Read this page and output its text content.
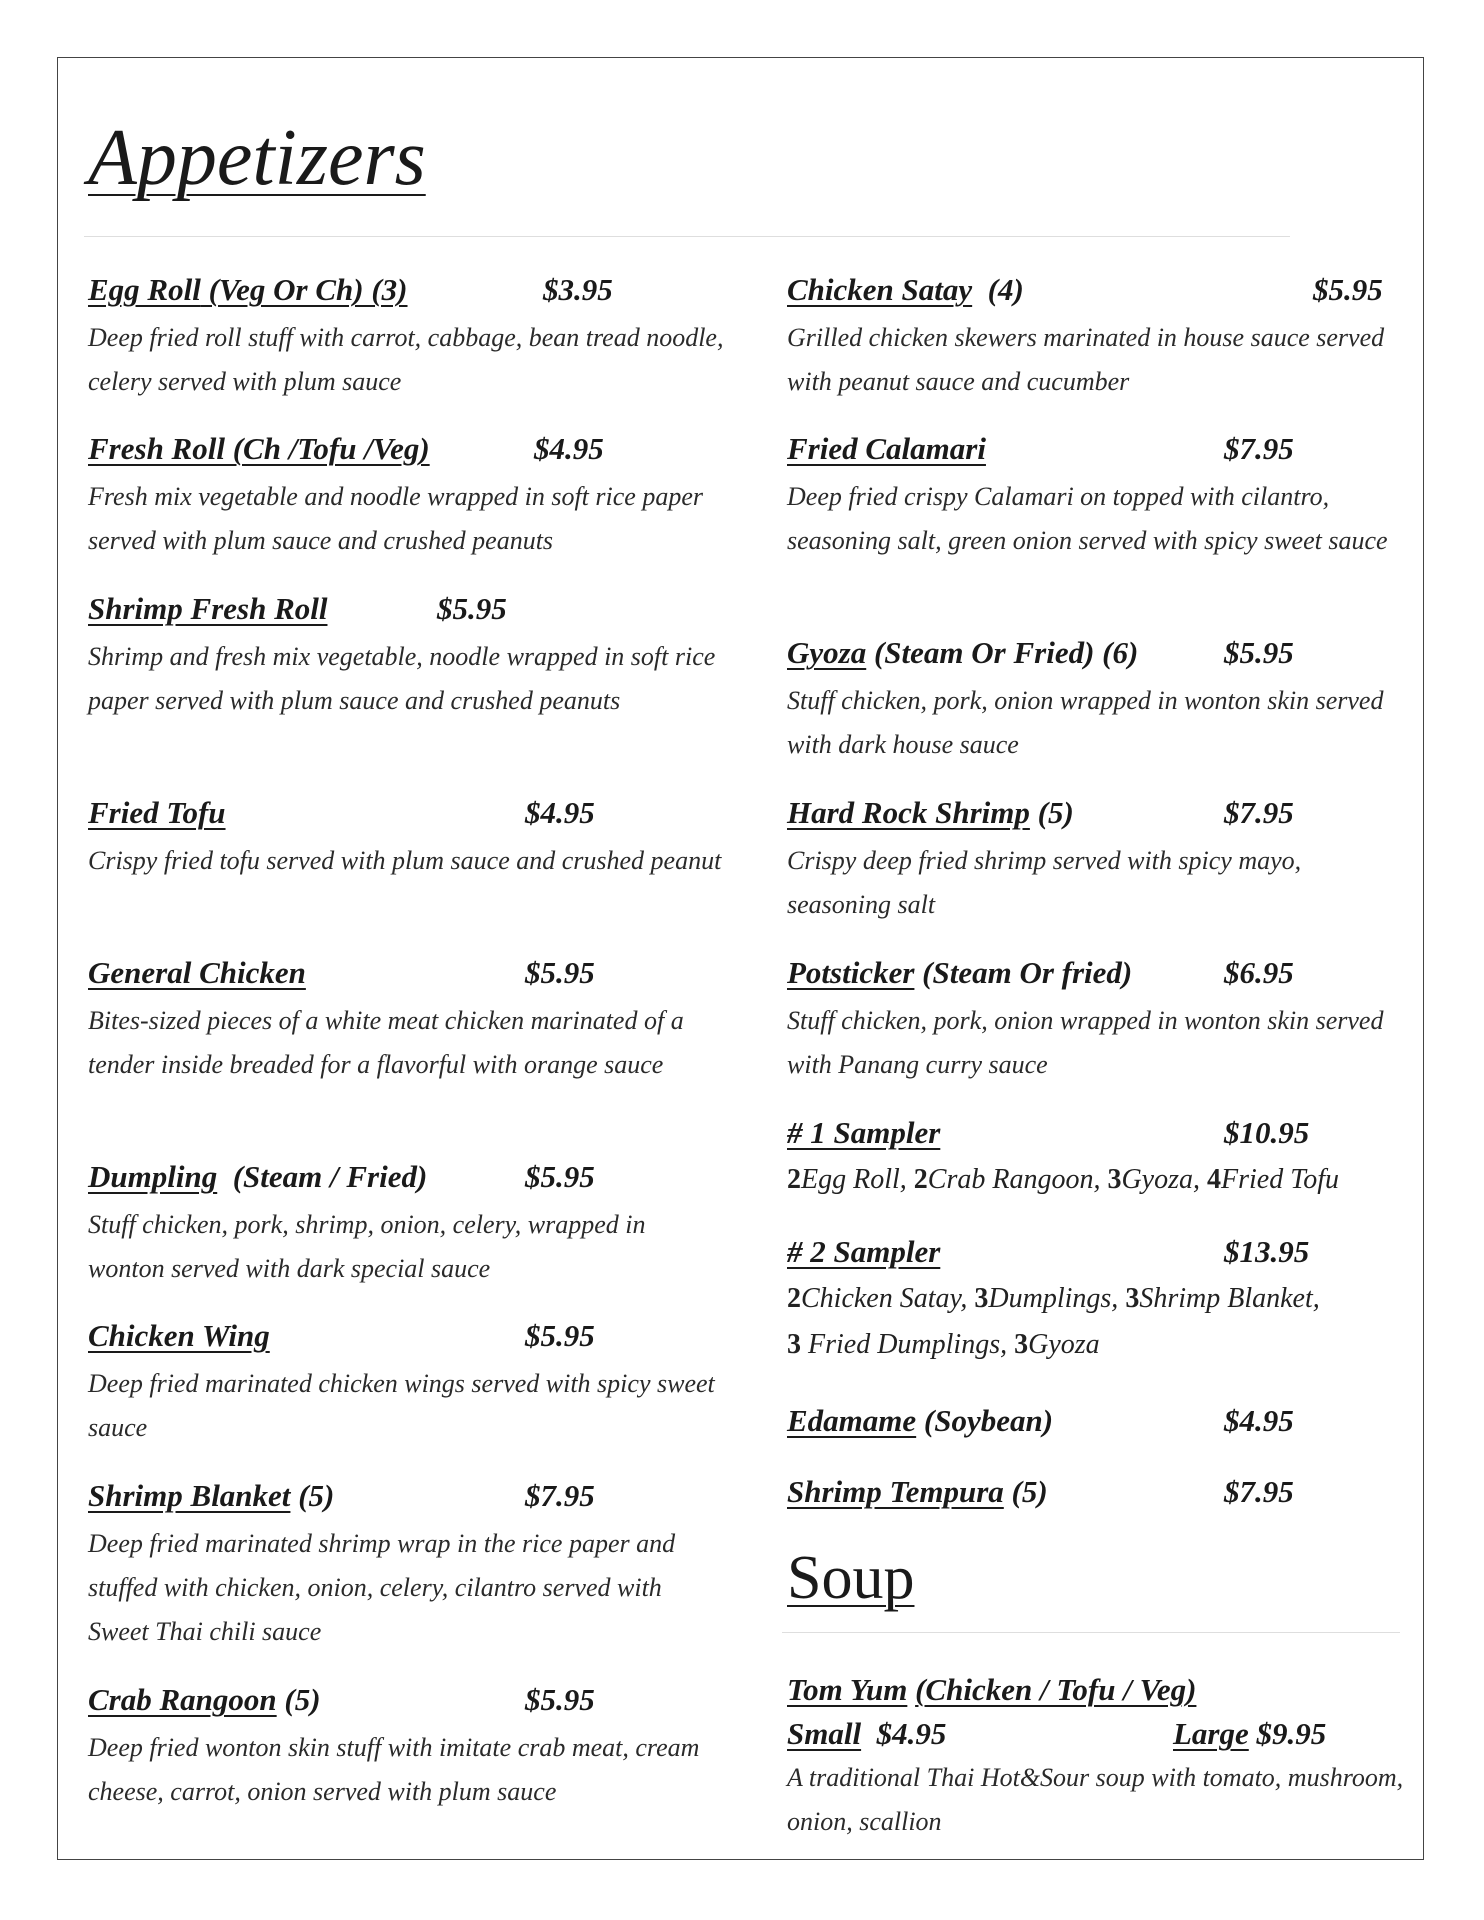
Appetizers
Egg Roll (Veg Or Ch) (3)	$3.95

Deep fried roll stuff with carrot, cabbage, bean tread noodle, celery served with plum sauce

Fresh Roll (Ch /Tofu /Veg)	$4.95

Fresh mix vegetable and noodle wrapped in soft rice paper served with plum sauce and crushed peanuts

Shrimp Fresh Roll	$5.95

Shrimp and fresh mix vegetable, noodle wrapped in soft rice paper served with plum sauce and crushed peanuts

Fried Tofu	$4.95

Crispy fried tofu served with plum sauce and crushed peanut

General Chicken	$5.95

Bites-sized pieces of a white meat chicken marinated of a tender inside breaded for a flavorful with orange sauce

Dumpling (Steam / Fried)	$5.95

Stuff chicken, pork, shrimp, onion, celery, wrapped in wonton served with dark special sauce

Chicken Wing	$5.95

Deep fried marinated chicken wings served with spicy sweet sauce

Shrimp Blanket (5)	$7.95

Deep fried marinated shrimp wrap in the rice paper and stuffed with chicken, onion, celery, cilantro served with Sweet Thai chili sauce

Crab Rangoon (5)	$5.95

Deep fried wonton skin stuff with imitate crab meat, cream cheese, carrot, onion served with plum sauce

Chicken Satay (4)	$5.95

Grilled chicken skewers marinated in house sauce served with peanut sauce and cucumber

Fried Calamari	$7.95

Deep fried crispy Calamari on topped with cilantro, seasoning salt, green onion served with spicy sweet sauce

Gyoza (Steam Or Fried) (6)	$5.95

Stuff chicken, pork, onion wrapped in wonton skin served with dark house sauce

Hard Rock Shrimp (5)	$7.95

Crispy deep fried shrimp served with spicy mayo, seasoning salt

Potsticker (Steam Or fried)	$6.95

Stuff chicken, pork, onion wrapped in wonton skin served with Panang curry sauce

# 1 Sampler	$10.95

2Egg Roll, 2Crab Rangoon, 3Gyoza, 4Fried Tofu

# 2 Sampler	$13.95

2Chicken Satay, 3Dumplings, 3Shrimp Blanket,
3 Fried Dumplings, 3Gyoza

Edamame (Soybean)	$4.95
Shrimp Tempura (5)	$7.95
Soup
Tom Yum (Chicken / Tofu / Veg)
Small $4.95	Large $9.95

A traditional Thai Hot&Sour soup with tomato, mushroom, onion, scallion
